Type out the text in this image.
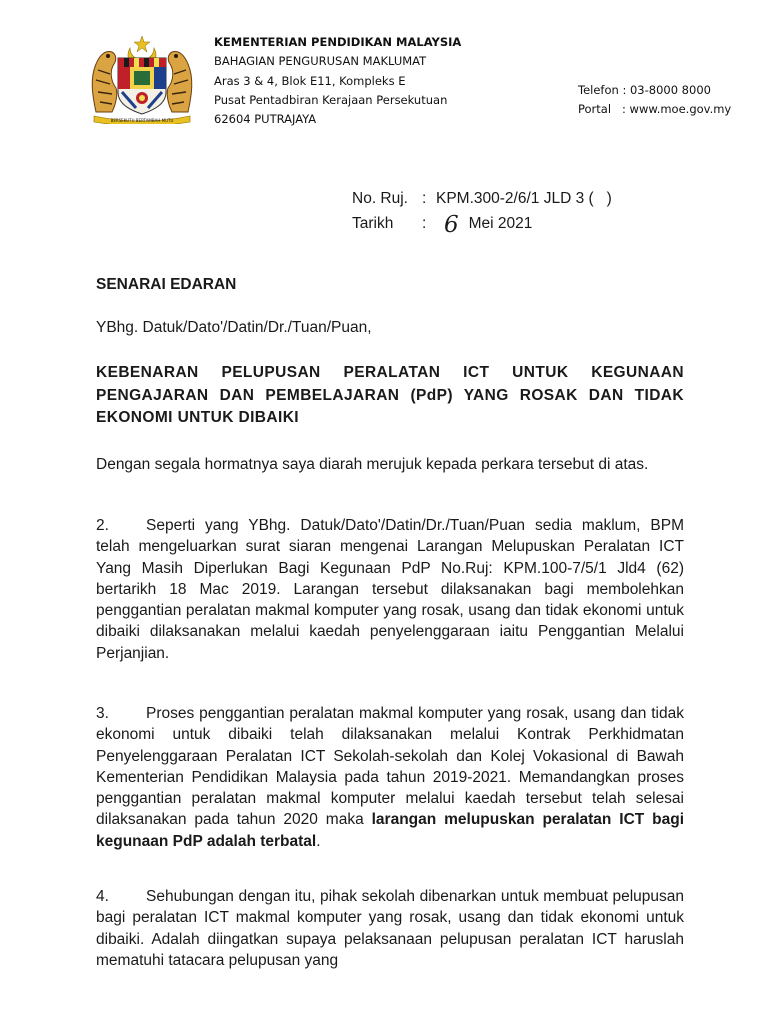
BERSEKUTU BERTAMBAH MUTU
KEMENTERIAN PENDIDIKAN MALAYSIA
BAHAGIAN PENGURUSAN MAKLUMAT
Aras 3 & 4, Blok E11, Kompleks E
Pusat Pentadbiran Kerajaan Persekutuan
62604 PUTRAJAYA
Telefon : 03-8000 8000
Portal   : www.moe.gov.my
No. Ruj. : KPM.300-2/6/1 JLD 3 (   )
Tarikh	: 6 Mei 2021
SENARAI EDARAN
YBhg. Datuk/Dato'/Datin/Dr./Tuan/Puan,
KEBENARAN PELUPUSAN PERALATAN ICT UNTUK KEGUNAAN PENGAJARAN DAN PEMBELAJARAN (PdP) YANG ROSAK DAN TIDAK EKONOMI UNTUK DIBAIKI
Dengan segala hormatnya saya diarah merujuk kepada perkara tersebut di atas.
2. Seperti yang YBhg. Datuk/Dato'/Datin/Dr./Tuan/Puan sedia maklum, BPM telah mengeluarkan surat siaran mengenai Larangan Melupuskan Peralatan ICT Yang Masih Diperlukan Bagi Kegunaan PdP No.Ruj: KPM.100-7/5/1 Jld4 (62) bertarikh 18 Mac 2019. Larangan tersebut dilaksanakan bagi membolehkan penggantian peralatan makmal komputer yang rosak, usang dan tidak ekonomi untuk dibaiki dilaksanakan melalui kaedah penyelenggaraan iaitu Penggantian Melalui Perjanjian.
3. Proses penggantian peralatan makmal komputer yang rosak, usang dan tidak ekonomi untuk dibaiki telah dilaksanakan melalui Kontrak Perkhidmatan Penyelenggaraan Peralatan ICT Sekolah-sekolah dan Kolej Vokasional di Bawah Kementerian Pendidikan Malaysia pada tahun 2019-2021. Memandangkan proses penggantian peralatan makmal komputer melalui kaedah tersebut telah selesai dilaksanakan pada tahun 2020 maka larangan melupuskan peralatan ICT bagi kegunaan PdP adalah terbatal.
4. Sehubungan dengan itu, pihak sekolah dibenarkan untuk membuat pelupusan bagi peralatan ICT makmal komputer yang rosak, usang dan tidak ekonomi untuk dibaiki. Adalah diingatkan supaya pelaksanaan pelupusan peralatan ICT haruslah mematuhi tatacara pelupusan yang
